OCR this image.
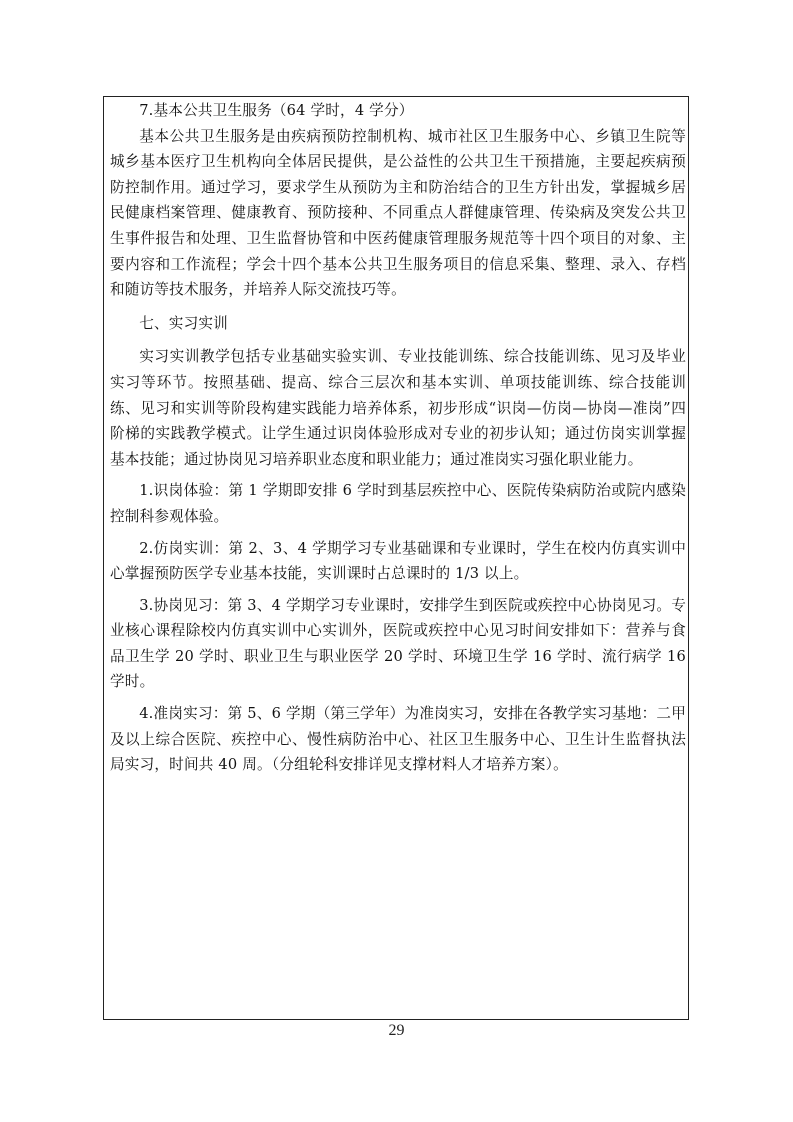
7.基本公共卫生服务（64 学时，4 学分）

基本公共卫生服务是由疾病预防控制机构、城市社区卫生服务中心、乡镇卫生院等城乡基本医疗卫生机构向全体居民提供，是公益性的公共卫生干预措施，主要起疾病预防控制作用。通过学习，要求学生从预防为主和防治结合的卫生方针出发，掌握城乡居民健康档案管理、健康教育、预防接种、不同重点人群健康管理、传染病及突发公共卫生事件报告和处理、卫生监督协管和中医药健康管理服务规范等十四个项目的对象、主要内容和工作流程；学会十四个基本公共卫生服务项目的信息采集、整理、录入、存档和随访等技术服务，并培养人际交流技巧等。

七、实习实训

实习实训教学包括专业基础实验实训、专业技能训练、综合技能训练、见习及毕业实习等环节。按照基础、提高、综合三层次和基本实训、单项技能训练、综合技能训练、见习和实训等阶段构建实践能力培养体系，初步形成“识岗—仿岗—协岗—准岗”四阶梯的实践教学模式。让学生通过识岗体验形成对专业的初步认知；通过仿岗实训掌握基本技能；通过协岗见习培养职业态度和职业能力；通过准岗实习强化职业能力。

1.识岗体验：第 1 学期即安排 6 学时到基层疾控中心、医院传染病防治或院内感染控制科参观体验。

2.仿岗实训：第 2、3、4 学期学习专业基础课和专业课时，学生在校内仿真实训中心掌握预防医学专业基本技能，实训课时占总课时的 1/3 以上。

3.协岗见习：第 3、4 学期学习专业课时，安排学生到医院或疾控中心协岗见习。专业核心课程除校内仿真实训中心实训外，医院或疾控中心见习时间安排如下：营养与食品卫生学 20 学时、职业卫生与职业医学 20 学时、环境卫生学 16 学时、流行病学 16 学时。

4.准岗实习：第 5、6 学期（第三学年）为准岗实习，安排在各教学实习基地：二甲及以上综合医院、疾控中心、慢性病防治中心、社区卫生服务中心、卫生计生监督执法局实习，时间共 40 周。（分组轮科安排详见支撑材料人才培养方案）。

29
